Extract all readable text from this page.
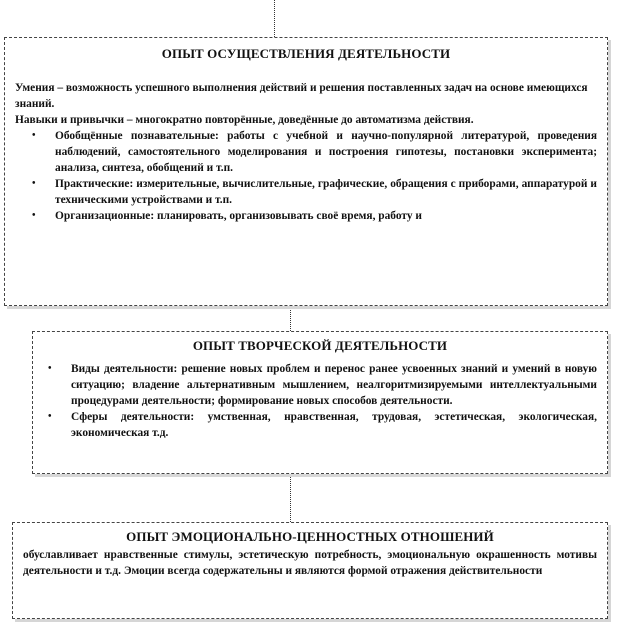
ОПЫТ ОСУЩЕСТВЛЕНИЯ ДЕЯТЕЛЬНОСТИ

Умения – возможность успешного выполнения действий и решения поставленных задач на основе имеющихся знаний.

Навыки и привычки – многократно повторённые, доведённые до автоматизма действия.

• Обобщённые познавательные: работы с учебной и научно-популярной литературой, проведения наблюдений, самостоятельного моделирования и построения гипотезы, постановки эксперимента; анализа, синтеза, обобщений и т.п.
• Практические: измерительные, вычислительные, графические, обращения с приборами, аппаратурой и техническими устройствами и т.п.
• Организационные: планировать, организовывать своё время, работу и

ОПЫТ ТВОРЧЕСКОЙ ДЕЯТЕЛЬНОСТИ

• Виды деятельности: решение новых проблем и перенос ранее усвоенных знаний и умений в новую ситуацию; владение альтернативным мышлением, неалгоритмизируемыми интеллектуальными процедурами деятельности; формирование новых способов деятельности.
• Сферы деятельности: умственная, нравственная, трудовая, эстетическая, экологическая, экономическая т.д.

ОПЫТ ЭМОЦИОНАЛЬНО-ЦЕННОСТНЫХ ОТНОШЕНИЙ

обуславливает нравственные стимулы, эстетическую потребность, эмоциональную окрашенность мотивы деятельности и т.д. Эмоции всегда содержательны и являются формой отражения действительности
